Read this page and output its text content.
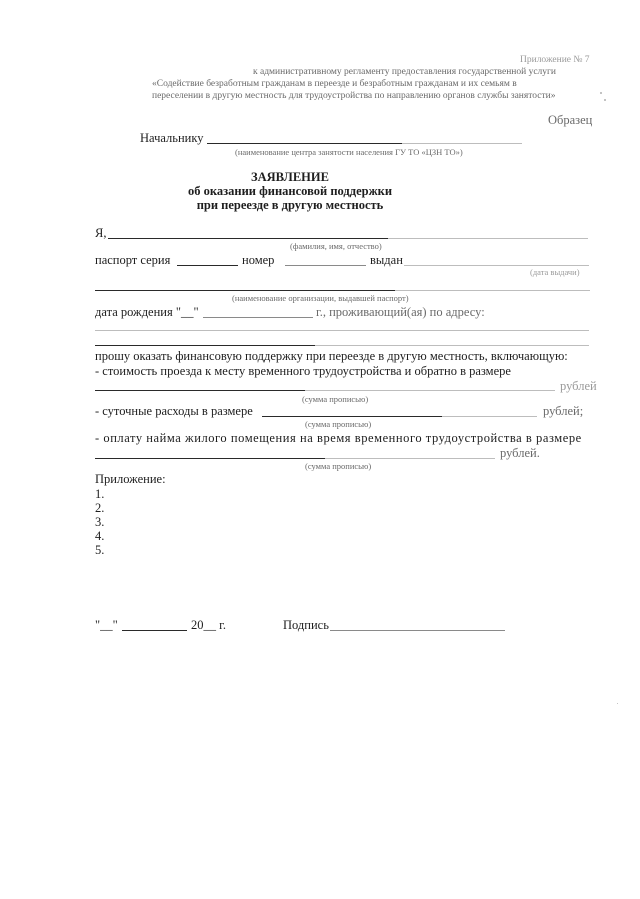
Приложение № 7
к административному регламенту предоставления государственной услуги
«Содействие безработным гражданам в переезде и безработным гражданам и их семьям в
переселении в другую местность для трудоустройства по направлению органов службы занятости»
Образец
Начальнику
(наименование центра занятости населения ГУ ТО «ЦЗН ТО»)
ЗАЯВЛЕНИЕ
об оказании финансовой поддержки
при переезде в другую местность
Я,
(фамилия, имя, отчество)
паспорт серия	номер	выдан
(дата выдачи)
(наименование организации, выдавшей паспорт)
дата рождения "__"	г., проживающий(ая) по адресу:
прошу оказать финансовую поддержку при переезде в другую местность, включающую:
- стоимость проезда к месту временного трудоустройства и обратно в размере
рублей
(сумма прописью)
- суточные расходы в размере	рублей;
(сумма прописью)
- оплату найма жилого помещения на время временного трудоустройства в размере
рублей.
(сумма прописью)
Приложение:
1.
2.
3.
4.
5.
"__"	20__ г.	Подпись
